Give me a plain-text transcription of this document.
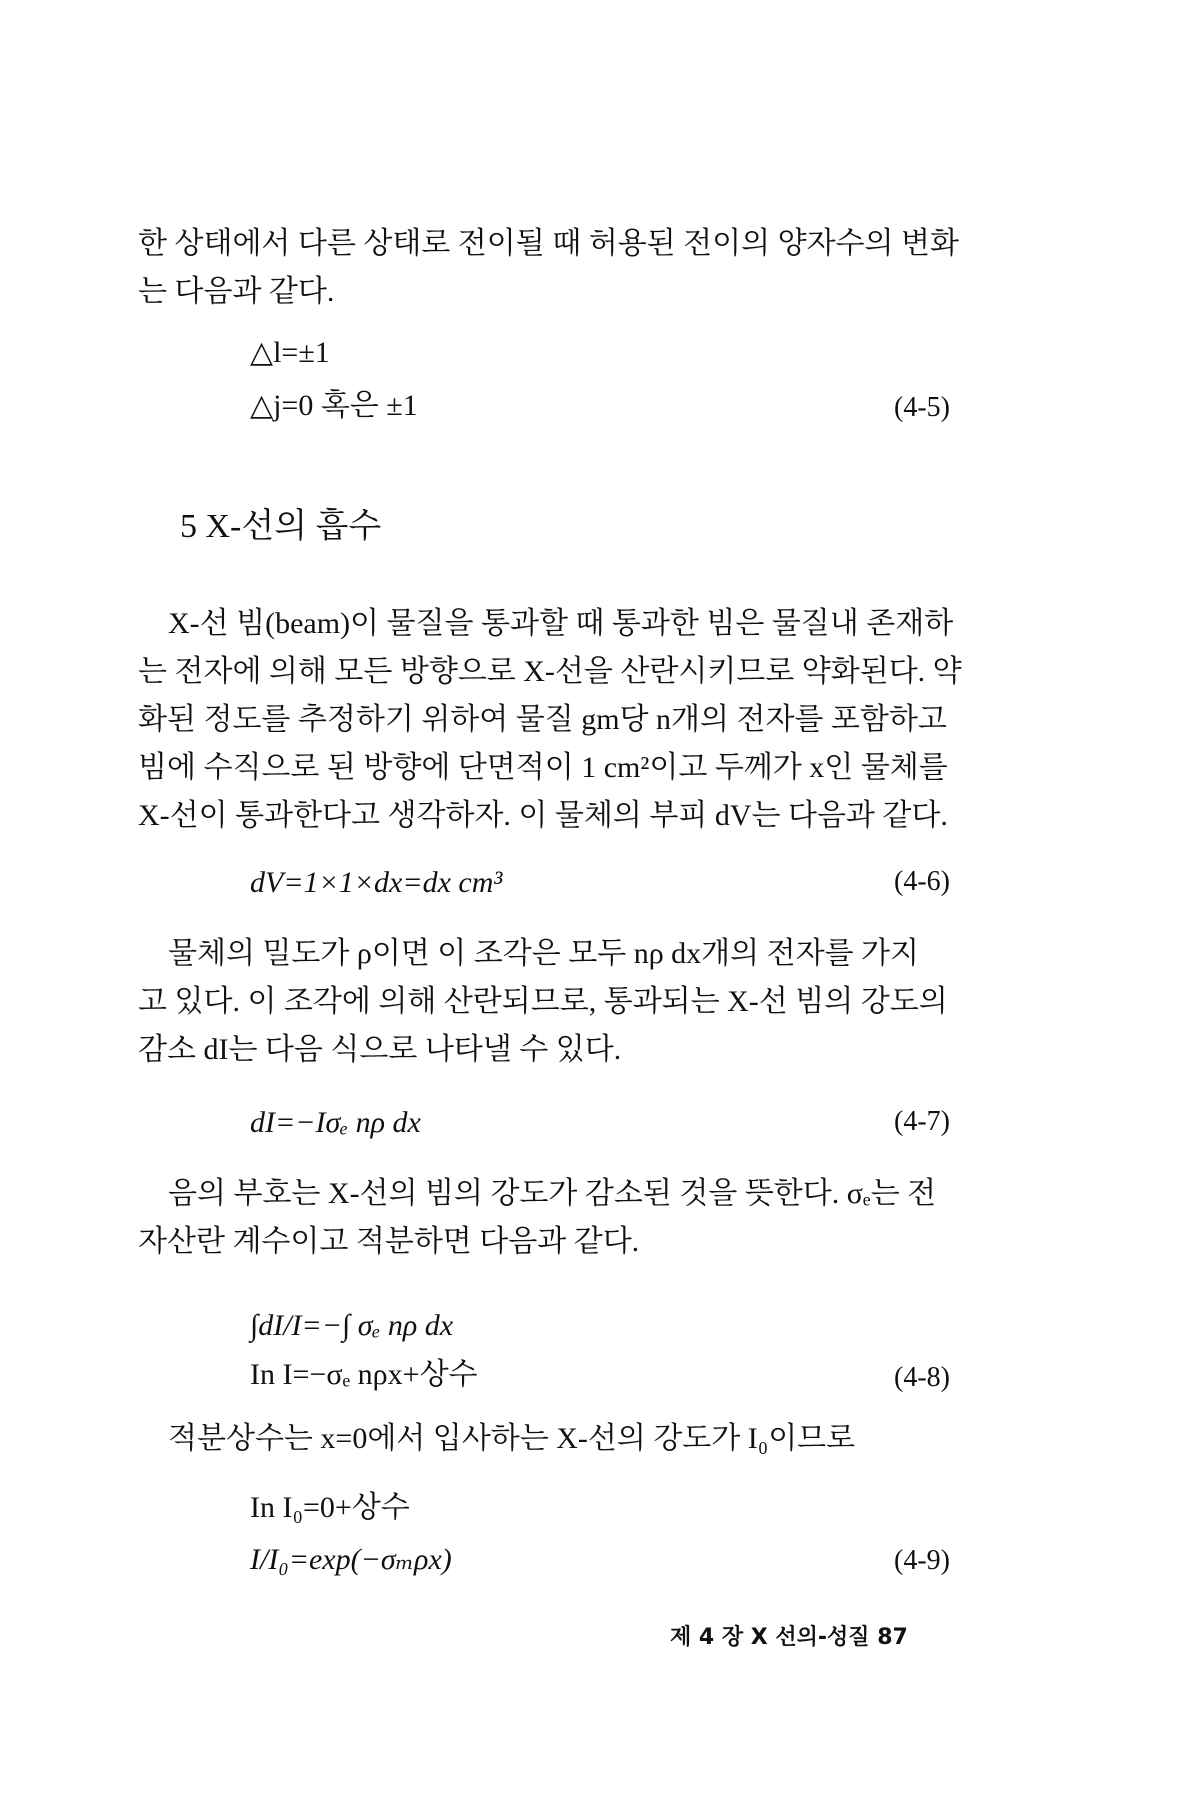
한 상태에서 다른 상태로 전이될 때 허용된 전이의 양자수의 변화
는 다음과 같다.
△l=±1
△j=0 혹은 ±1	(4-5)
5 X-선의 흡수
X-선 빔(beam)이 물질을 통과할 때 통과한 빔은 물질내 존재하
는 전자에 의해 모든 방향으로 X-선을 산란시키므로 약화된다. 약
화된 정도를 추정하기 위하여 물질 gm당 n개의 전자를 포함하고
빔에 수직으로 된 방향에 단면적이 1 cm²이고 두께가 x인 물체를
X-선이 통과한다고 생각하자. 이 물체의 부피 dV는 다음과 같다.
dV=1×1×dx=dx cm³	(4-6)
물체의 밀도가 ρ이면 이 조각은 모두 nρ dx개의 전자를 가지
고 있다. 이 조각에 의해 산란되므로, 통과되는 X-선 빔의 강도의
감소 dI는 다음 식으로 나타낼 수 있다.
dI=−Iσₑ nρ dx	(4-7)
음의 부호는 X-선의 빔의 강도가 감소된 것을 뜻한다. σₑ는 전
자산란 계수이고 적분하면 다음과 같다.
∫dI/I=−∫ σₑ nρ dx
In I=−σₑ nρx+상수	(4-8)
적분상수는 x=0에서 입사하는 X-선의 강도가 I₀이므로
In I₀=0+상수
I/I₀=exp(−σₘρx)	(4-9)
제 4 장 X 선의-성질 87
